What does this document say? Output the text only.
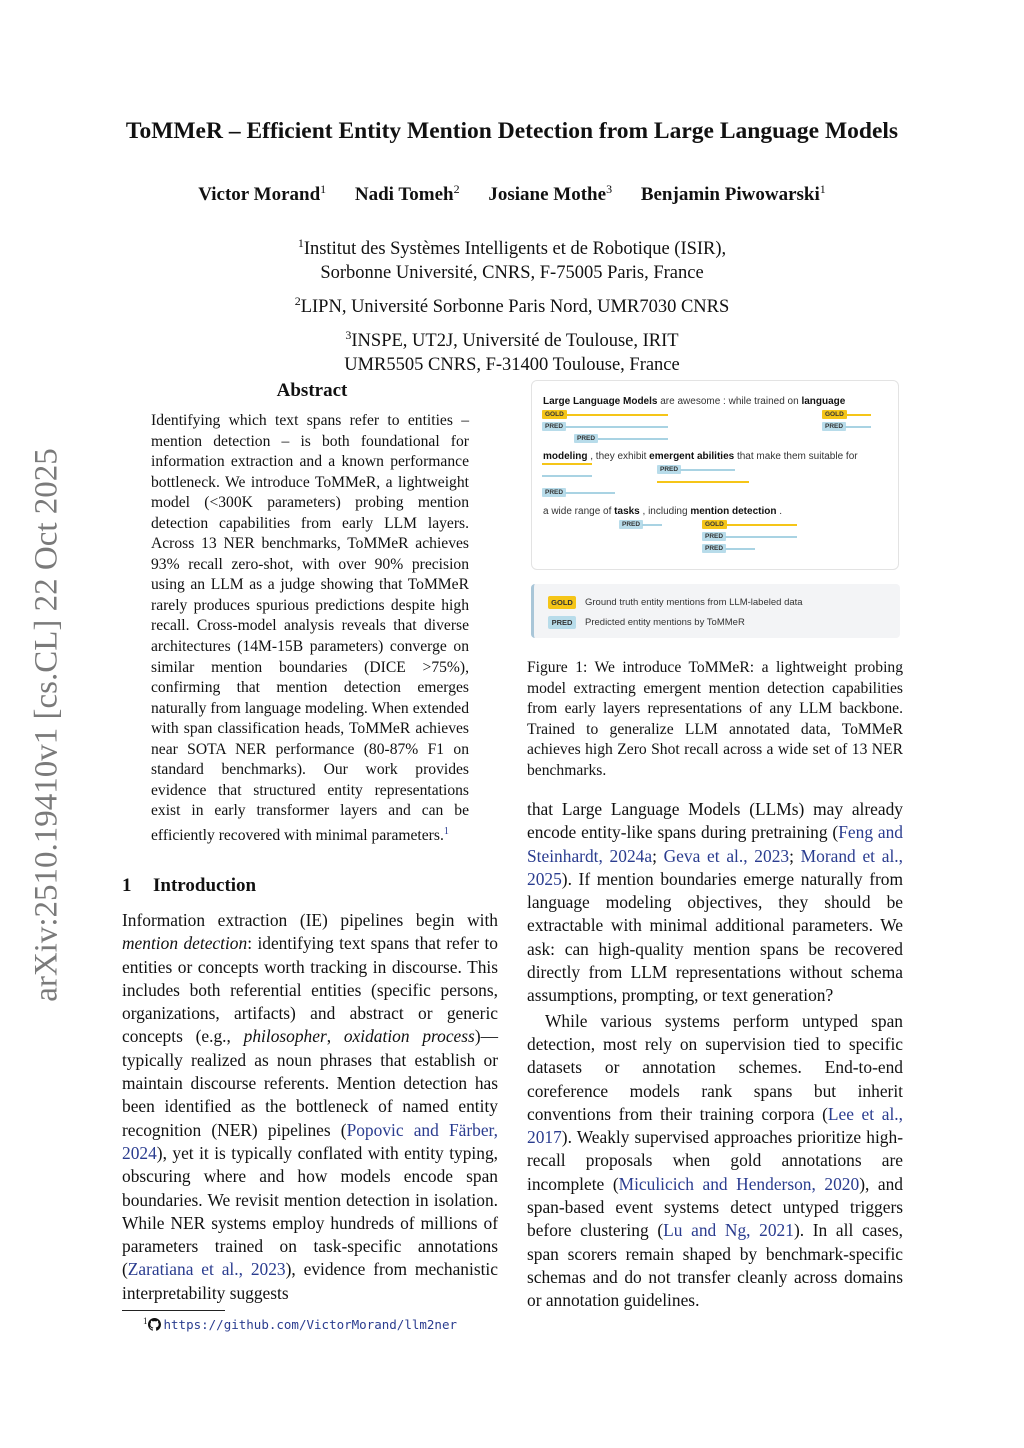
arXiv:2510.19410v1 [cs.CL] 22 Oct 2025
ToMMeR – Efficient Entity Mention Detection from Large Language Models
Victor Morand$^1$ Nadi Tomeh$^2$ Josiane Mothe$^3$ Benjamin Piwowarski$^1$
$^1$Institut des Systèmes Intelligents et de Robotique (ISIR),
Sorbonne Université, CNRS, F-75005 Paris, France
$^2$LIPN, Université Sorbonne Paris Nord, UMR7030 CNRS
$^3$INSPE, UT2J, Université de Toulouse, IRIT
UMR5505 CNRS, F-31400 Toulouse, France
Abstract
Identifying which text spans refer to entities – mention detection – is both foundational for information extraction and a known performance bottleneck. We introduce ToMMeR, a lightweight model (<300K parameters) probing mention detection capabilities from early LLM layers. Across 13 NER benchmarks, ToMMeR achieves 93% recall zero-shot, with over 90% precision using an LLM as a judge showing that ToMMeR rarely produces spurious predictions despite high recall. Cross-model analysis reveals that diverse architectures (14M-15B parameters) converge on similar mention boundaries (DICE >75%), confirming that mention detection emerges naturally from language modeling. When extended with span classification heads, ToMMeR achieves near SOTA NER performance (80-87% F1 on standard benchmarks). Our work provides evidence that structured entity representations exist in early transformer layers and can be efficiently recovered with minimal parameters.$^1$
1 Introduction

Information extraction (IE) pipelines begin with mention detection: identifying text spans that refer to entities or concepts worth tracking in discourse. This includes both referential entities (specific persons, organizations, artifacts) and abstract or generic concepts (e.g., philosopher, oxidation process)—typically realized as noun phrases that establish or maintain discourse referents. Mention detection has been identified as the bottleneck of named entity recognition (NER) pipelines (Popovic and Färber, 2024), yet it is typically conflated with entity typing, obscuring where and how models encode span boundaries. We revisit mention detection in isolation. While NER systems employ hundreds of millions of parameters trained on task-specific annotations (Zaratiana et al., 2023), evidence from mechanistic interpretability suggests

$^1$ https://github.com/VictorMorand/llm2ner
Large Language Models are awesome : while trained on language
GOLD
PRED
PRED
GOLD
PRED
modeling , they exhibit emergent abilities that make them suitable for
PRED
PRED
a wide range of tasks , including mention detection .
PRED	GOLD
PRED
PRED
GOLD Ground truth entity mentions from LLM-labeled data
PRED Predicted entity mentions by ToMMeR
Figure 1: We introduce ToMMeR: a lightweight probing model extracting emergent mention detection capabilities from early layers representations of any LLM backbone. Trained to generalize LLM annotated data, ToMMeR achieves high Zero Shot recall across a wide set of 13 NER benchmarks.

that Large Language Models (LLMs) may already encode entity-like spans during pretraining (Feng and Steinhardt, 2024a; Geva et al., 2023; Morand et al., 2025). If mention boundaries emerge naturally from language modeling objectives, they should be extractable with minimal additional parameters. We ask: can high-quality mention spans be recovered directly from LLM representations without schema assumptions, prompting, or text generation?

While various systems perform untyped span detection, most rely on supervision tied to specific datasets or annotation schemes. End-to-end coreference models rank spans but inherit conventions from their training corpora (Lee et al., 2017). Weakly supervised approaches prioritize high-recall proposals when gold annotations are incomplete (Miculicich and Henderson, 2020), and span-based event systems detect untyped triggers before clustering (Lu and Ng, 2021). In all cases, span scorers remain shaped by benchmark-specific schemas and do not transfer cleanly across domains or annotation guidelines.
